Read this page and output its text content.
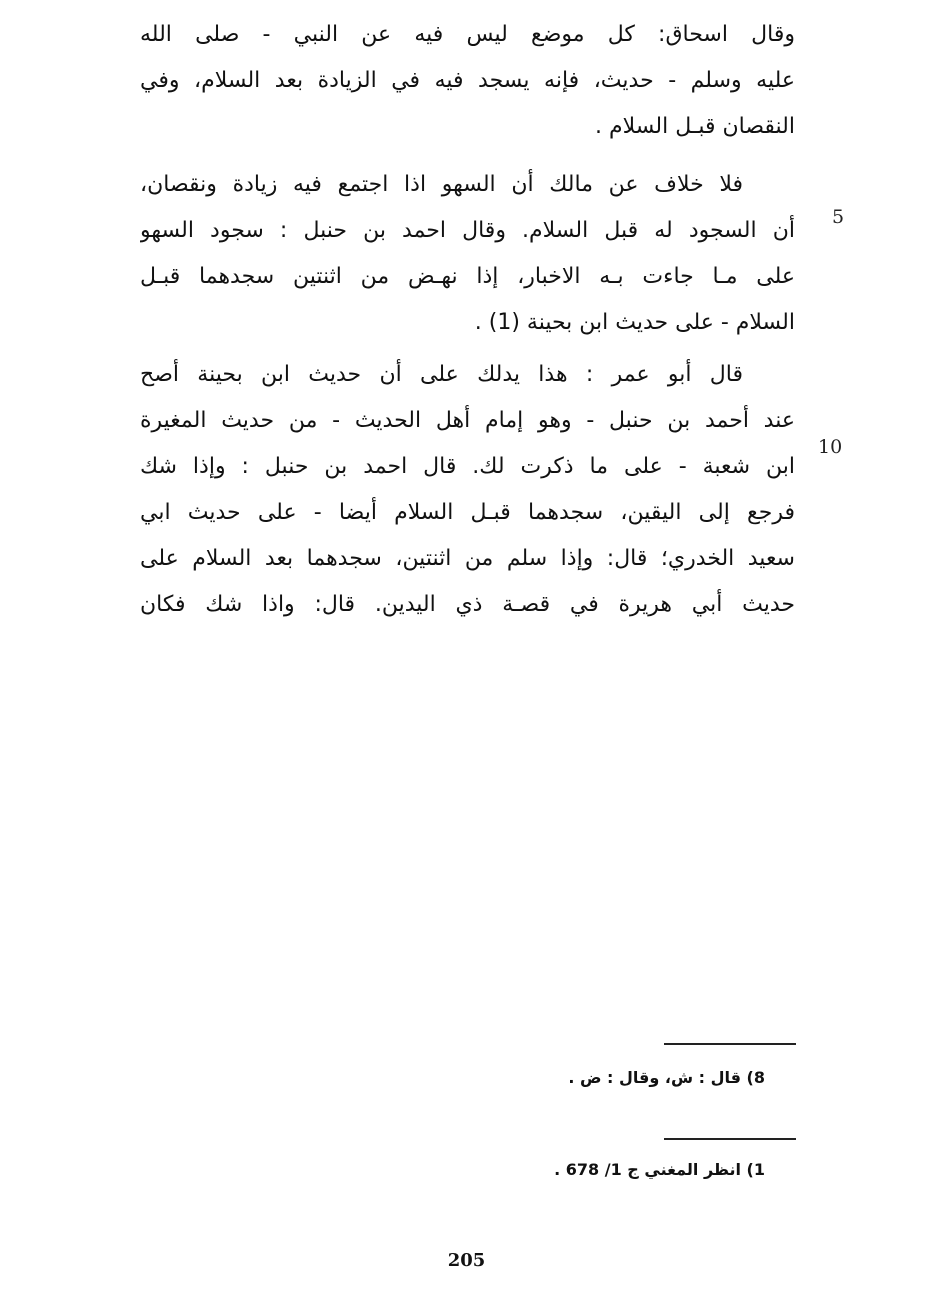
وقال اسحاق: كل موضع ليس فيه عن النبي - صلى الله
عليه وسلم - حديث، فإنه يسجد فيه في الزيادة بعد السلام، وفي
النقصان قبـل السلام .
فلا خلاف عن مالك أن السهو اذا اجتمع فيه زيادة ونقصان،
أن السجود له قبل السلام. وقال احمد بن حنبل : سجود السهو
على مـا جاءت بـه الاخبار، إذا نهـض من اثنتين سجدهما قبـل
السلام - على حديث ابن بحينة (1) .
قال أبو عمر : هذا يدلك على أن حديث ابن بحينة أصح
عند أحمد بن حنبل - وهو إمام أهل الحديث - من حديث المغيرة
ابن شعبة - على ما ذكرت لك. قال احمد بن حنبل : وإذا شك
فرجع إلى اليقين، سجدهما قبـل السلام أيضا - على حديث ابي
سعيد الخدري؛ قال: وإذا سلم من اثنتين، سجدهما بعد السلام على
حديث أبي هريرة في قصـة ذي اليدين. قال: واذا شك فكان
5
10
8) قال : ش، وقال : ض .
1) انظر المغني ج 1/ 678 .
205
